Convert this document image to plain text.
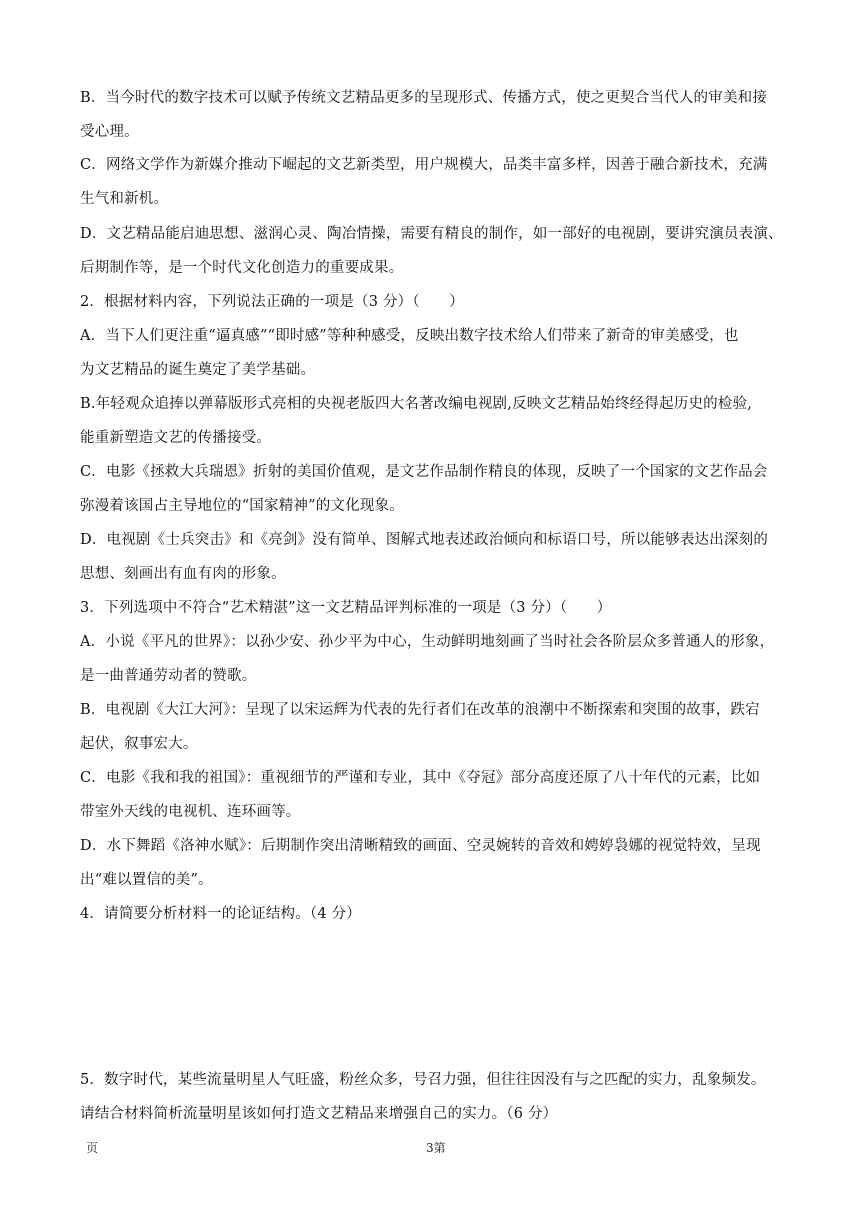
B．当今时代的数字技术可以赋予传统文艺精品更多的呈现形式、传播方式，使之更契合当代人的审美和接
受心理。
C．网络文学作为新媒介推动下崛起的文艺新类型，用户规模大，品类丰富多样，因善于融合新技术，充满
生气和新机。
D．文艺精品能启迪思想、滋润心灵、陶冶情操，需要有精良的制作，如一部好的电视剧，要讲究演员表演、
后期制作等，是一个时代文化创造力的重要成果。
2．根据材料内容，下列说法正确的一项是（3 分）（　　）
A．当下人们更注重“逼真感”“即时感”等种种感受，反映出数字技术给人们带来了新奇的审美感受，也
为文艺精品的诞生奠定了美学基础。
B.年轻观众追捧以弹幕版形式亮相的央视老版四大名著改编电视剧,反映文艺精品始终经得起历史的检验,
能重新塑造文艺的传播接受。
C．电影《拯救大兵瑞恩》折射的美国价值观，是文艺作品制作精良的体现，反映了一个国家的文艺作品会
弥漫着该国占主导地位的“国家精神”的文化现象。
D．电视剧《士兵突击》和《亮剑》没有简单、图解式地表述政治倾向和标语口号，所以能够表达出深刻的
思想、刻画出有血有肉的形象。
3．下列选项中不符合“艺术精湛”这一文艺精品评判标准的一项是（3 分）（　　）
A．小说《平凡的世界》：以孙少安、孙少平为中心，生动鲜明地刻画了当时社会各阶层众多普通人的形象，
是一曲普通劳动者的赞歌。
B．电视剧《大江大河》：呈现了以宋运辉为代表的先行者们在改革的浪潮中不断探索和突围的故事，跌宕
起伏，叙事宏大。
C．电影《我和我的祖国》：重视细节的严谨和专业，其中《夺冠》部分高度还原了八十年代的元素，比如
带室外天线的电视机、连环画等。
D．水下舞蹈《洛神水赋》：后期制作突出清晰精致的画面、空灵婉转的音效和娉婷袅娜的视觉特效，呈现
出“难以置信的美”。
4．请简要分析材料一的论证结构。（4 分）
5．数字时代，某些流量明星人气旺盛，粉丝众多，号召力强，但往往因没有与之匹配的实力，乱象频发。
请结合材料简析流量明星该如何打造文艺精品来增强自己的实力。（6 分）
页	3第
